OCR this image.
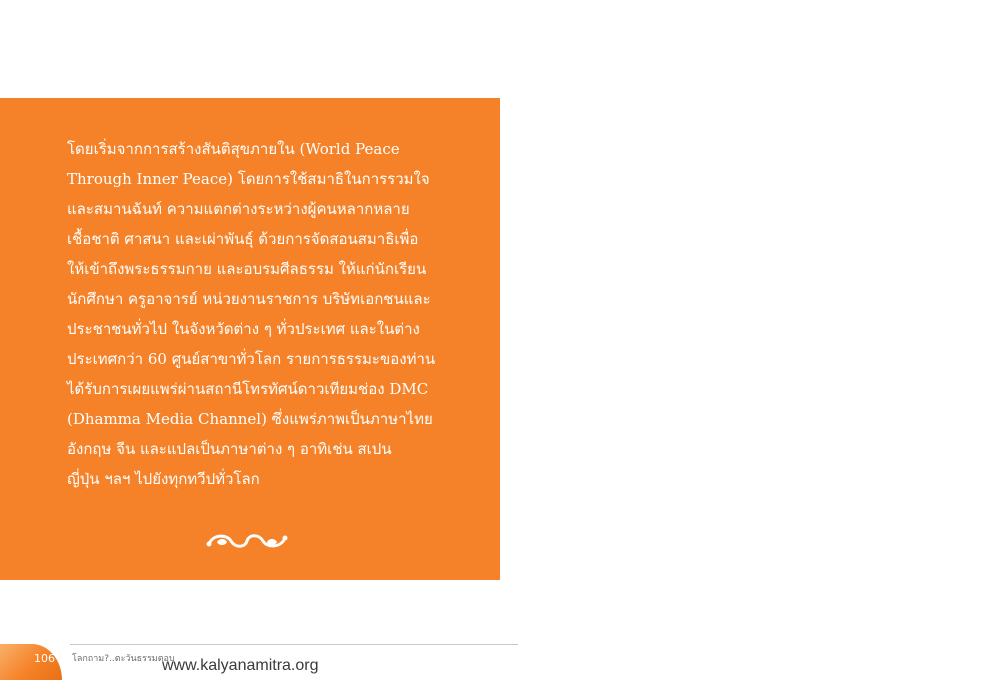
โดยเริ่มจากการสร้างสันติสุขภายใน (World Peace
Through Inner Peace) โดยการใช้สมาธิในการรวมใจ
และสมานฉันท์ ความแตกต่างระหว่างผู้คนหลากหลาย
เชื้อชาติ ศาสนา และเผ่าพันธุ์ ด้วยการจัดสอนสมาธิเพื่อ
ให้เข้าถึงพระธรรมกาย และอบรมศีลธรรม ให้แก่นักเรียน
นักศึกษา ครูอาจารย์ หน่วยงานราชการ บริษัทเอกชนและ
ประชาชนทั่วไป ในจังหวัดต่าง ๆ ทั่วประเทศ และในต่าง
ประเทศกว่า 60 ศูนย์สาขาทั่วโลก รายการธรรมะของท่าน
ได้รับการเผยแพร่ผ่านสถานีโทรทัศน์ดาวเทียมช่อง DMC
(Dhamma Media Channel) ซึ่งแพร่ภาพเป็นภาษาไทย
อังกฤษ จีน และแปลเป็นภาษาต่าง ๆ อาทิเช่น สเปน
ญี่ปุ่น ฯลฯ ไปยังทุกทวีปทั่วโลก
106 โลกถาม?..ตะวันธรรมตอบ
www.kalyanamitra.org
